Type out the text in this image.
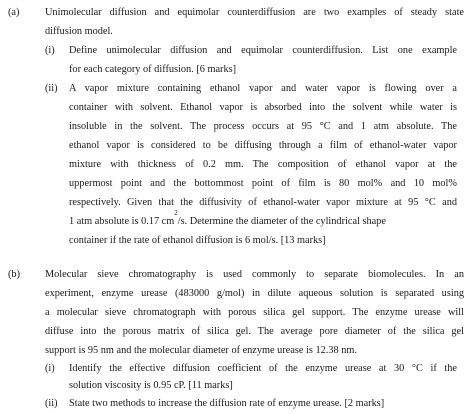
(a) Unimolecular diffusion and equimolar counterdiffusion are two examples of steady state
diffusion model.
(i) Define unimolecular diffusion and equimolar counterdiffusion. List one example
for each category of diffusion. [6 marks]
(ii) A vapor mixture containing ethanol vapor and water vapor is flowing over a
container with solvent. Ethanol vapor is absorbed into the solvent while water is
insoluble in the solvent. The process occurs at 95 °C and 1 atm absolute. The
ethanol vapor is considered to be diffusing through a film of ethanol-water vapor
mixture with thickness of 0.2 mm. The composition of ethanol vapor at the
uppermost point and the bottommost point of film is 80 mol% and 10 mol%
respectively. Given that the diffusivity of ethanol-water vapor mixture at 95 °C and
1 atm absolute is 0.17 $cm^2/s$. Determine the diameter of the cylindrical shape
container if the rate of ethanol diffusion is 6 mol/s. [13 marks]
(b) Molecular sieve chromatography is used commonly to separate biomolecules. In an
experiment, enzyme urease (483000 g/mol) in dilute aqueous solution is separated using
a molecular sieve chromatograph with porous silica gel support. The enzyme urease will
diffuse into the porous matrix of silica gel. The average pore diameter of the silica gel
support is 95 nm and the molecular diameter of enzyme urease is 12.38 nm.
(i) Identify the effective diffusion coefficient of the enzyme urease at 30 °C if the
solution viscosity is 0.95 cP. [11 marks]
(ii) State two methods to increase the diffusion rate of enzyme urease. [2 marks]
